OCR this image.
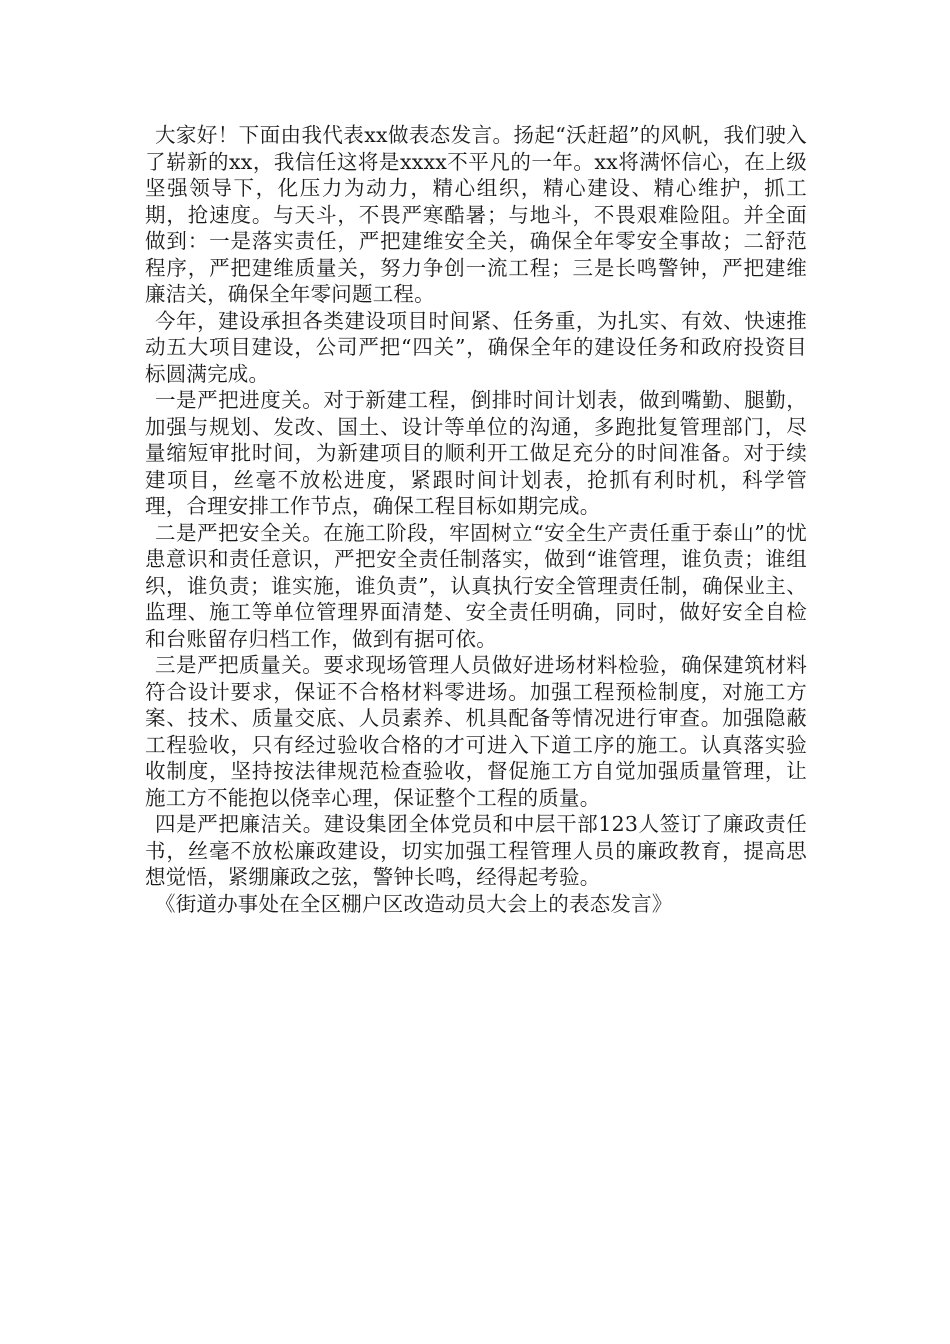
大家好！下面由我代表xx做表态发言。扬起“沃赶超”的风帆，我们驶入了崭新的xx，我信任这将是xxxx不平凡的一年。xx将满怀信心，在上级坚强领导下，化压力为动力，精心组织，精心建设、精心维护，抓工期，抢速度。与天斗，不畏严寒酷暑；与地斗，不畏艰难险阻。并全面做到：一是落实责任，严把建维安全关，确保全年零安全事故；二舒范程序，严把建维质量关，努力争创一流工程；三是长鸣警钟，严把建维廉洁关，确保全年零问题工程。

今年，建设承担各类建设项目时间紧、任务重，为扎实、有效、快速推动五大项目建设，公司严把“四关”，确保全年的建设任务和政府投资目标圆满完成。

一是严把进度关。对于新建工程，倒排时间计划表，做到嘴勤、腿勤，加强与规划、发改、国土、设计等单位的沟通，多跑批复管理部门，尽量缩短审批时间，为新建项目的顺利开工做足充分的时间准备。对于续建项目，丝毫不放松进度，紧跟时间计划表，抢抓有利时机，科学管理，合理安排工作节点，确保工程目标如期完成。

二是严把安全关。在施工阶段，牢固树立“安全生产责任重于泰山”的忧患意识和责任意识，严把安全责任制落实，做到“谁管理，谁负责；谁组织，谁负责；谁实施，谁负责”，认真执行安全管理责任制，确保业主、监理、施工等单位管理界面清楚、安全责任明确，同时，做好安全自检和台账留存归档工作，做到有据可依。

三是严把质量关。要求现场管理人员做好进场材料检验，确保建筑材料符合设计要求，保证不合格材料零进场。加强工程预检制度，对施工方案、技术、质量交底、人员素养、机具配备等情况进行审查。加强隐蔽工程验收，只有经过验收合格的才可进入下道工序的施工。认真落实验收制度，坚持按法律规范检查验收，督促施工方自觉加强质量管理，让施工方不能抱以侥幸心理，保证整个工程的质量。

四是严把廉洁关。建设集团全体党员和中层干部123人签订了廉政责任书，丝毫不放松廉政建设，切实加强工程管理人员的廉政教育，提高思想觉悟，紧绷廉政之弦，警钟长鸣，经得起考验。

《街道办事处在全区棚户区改造动员大会上的表态发言》
